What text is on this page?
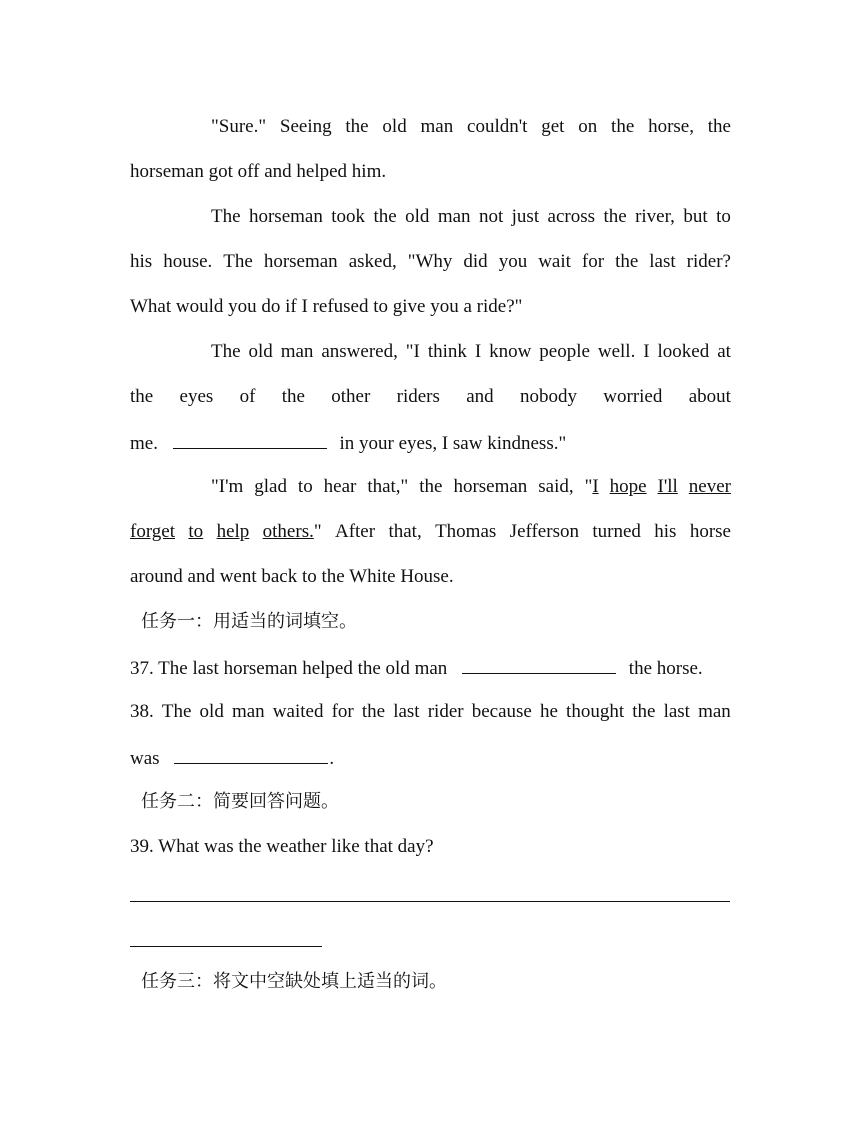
"Sure." Seeing the old man couldn't get on the horse, the
horseman got off and helped him.
The horseman took the old man not just across the river, but to
his house. The horseman asked, "Why did you wait for the last rider?
What would you do if I refused to give you a ride?"
The old man answered, "I think I know people well. I looked at
the eyes of the other riders and nobody worried about
me.	in your eyes, I saw kindness."
"I'm glad to hear that," the horseman said, "I hope I'll never
forget to help others." After that, Thomas Jefferson turned his horse
around and went back to the White House.
任务一：用适当的词填空。
37. The last horseman helped the old man	the horse.
38. The old man waited for the last rider because he thought the last man
was	.
任务二：简要回答问题。
39. What was the weather like that day?
任务三：将文中空缺处填上适当的词。
